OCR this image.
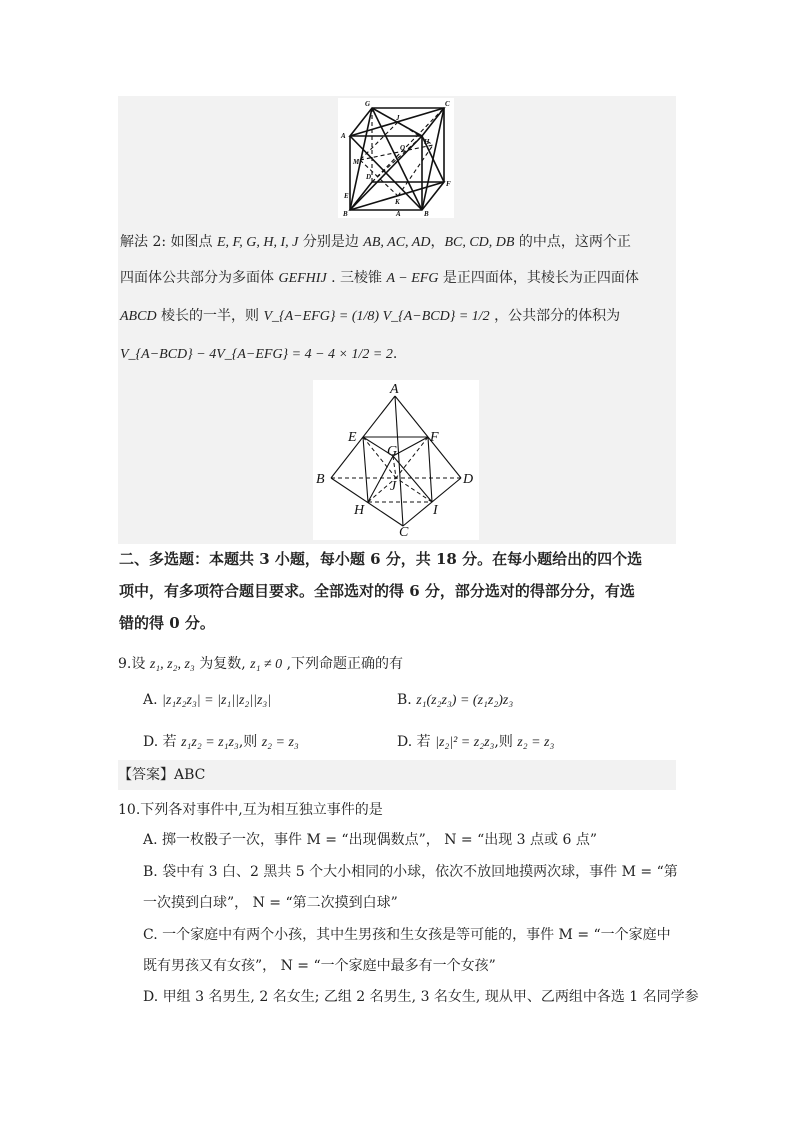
G	C
A
J
H
M
O
D
F
E
K
B	A	B
解法 2: 如图点 E, F, G, H, I, J 分别是边 AB, AC, AD，BC, CD, DB 的中点，这两个正
四面体公共部分为多面体 GEFHIJ . 三棱锥 A − EFG 是正四面体，其棱长为正四面体
ABCD 棱长的一半，则 V_{A−EFG} = (1/8) V_{A−BCD} = 1/2 ，公共部分的体积为
V_{A−BCD} − 4V_{A−EFG} = 4 − 4 × 1/2 = 2.
A
E	F
G
B	D
J
H	I
C
二、多选题：本题共 3 小题，每小题 6 分，共 18 分。在每小题给出的四个选
项中，有多项符合题目要求。全部选对的得 6 分，部分选对的得部分分，有选
错的得 0 分。
9.设 z₁, z₂, z₃ 为复数, z₁ ≠ 0 ,下列命题正确的有
A. |z₁z₂z₃| = |z₁||z₂||z₃|	B. z₁(z₂z₃) = (z₁z₂)z₃
D. 若 z₁z₂ = z₁z₃,则 z₂ = z₃	D. 若 |z₂|² = z₂z₃,则 z₂ = z₃
【答案】ABC
10.下列各对事件中,互为相互独立事件的是
A. 掷一枚骰子一次，事件 M = “出现偶数点”， N = “出现 3 点或 6 点”
B. 袋中有 3 白、2 黑共 5 个大小相同的小球，依次不放回地摸两次球，事件 M = “第
一次摸到白球”， N = “第二次摸到白球”
C. 一个家庭中有两个小孩，其中生男孩和生女孩是等可能的，事件 M = “一个家庭中
既有男孩又有女孩”， N = “一个家庭中最多有一个女孩”
D. 甲组 3 名男生, 2 名女生; 乙组 2 名男生, 3 名女生, 现从甲、乙两组中各选 1 名同学参
